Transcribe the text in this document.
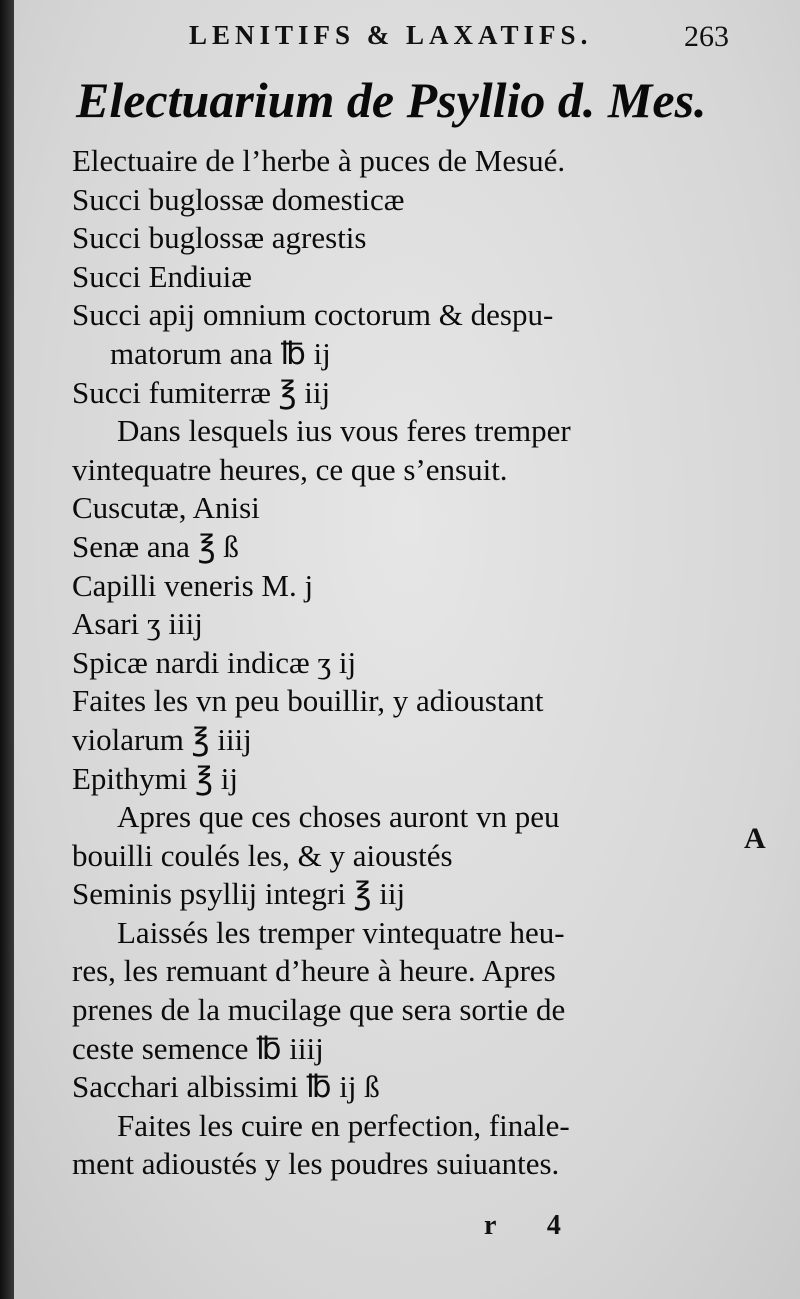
LENITIFS & LAXATIFS.	263
Electuarium de Psyllio d. Mes.
Electuaire de l’herbe à puces de Mesué.
Succi buglossæ domesticæ
Succi buglossæ agrestis
Succi Endiuiæ
Succi apij omnium coctorum & despu-
matorum ana ℔ ij
Succi fumiterræ ℥ iij
Dans lesquels ius vous feres tremper
vintequatre heures, ce que s’ensuit.
Cuscutæ, Anisi
Senæ ana ℥ ß
Capilli veneris M. j
Asari ʒ iiij
Spicæ nardi indicæ ʒ ij
Faites les vn peu bouillir, y adioustant
violarum ℥ iiij
Epithymi ℥ ij
Apres que ces choses auront vn peu
bouilli coulés les, & y aioustés
Seminis psyllij integri ℥ iij
Laissés les tremper vintequatre heu-
res, les remuant d’heure à heure. Apres
prenes de la mucilage que sera sortie de
ceste semence ℔ iiij
Sacchari albissimi ℔ ij ß
Faites les cuire en perfection, finale-
ment adioustés y les poudres suiuantes.
A
r 4
